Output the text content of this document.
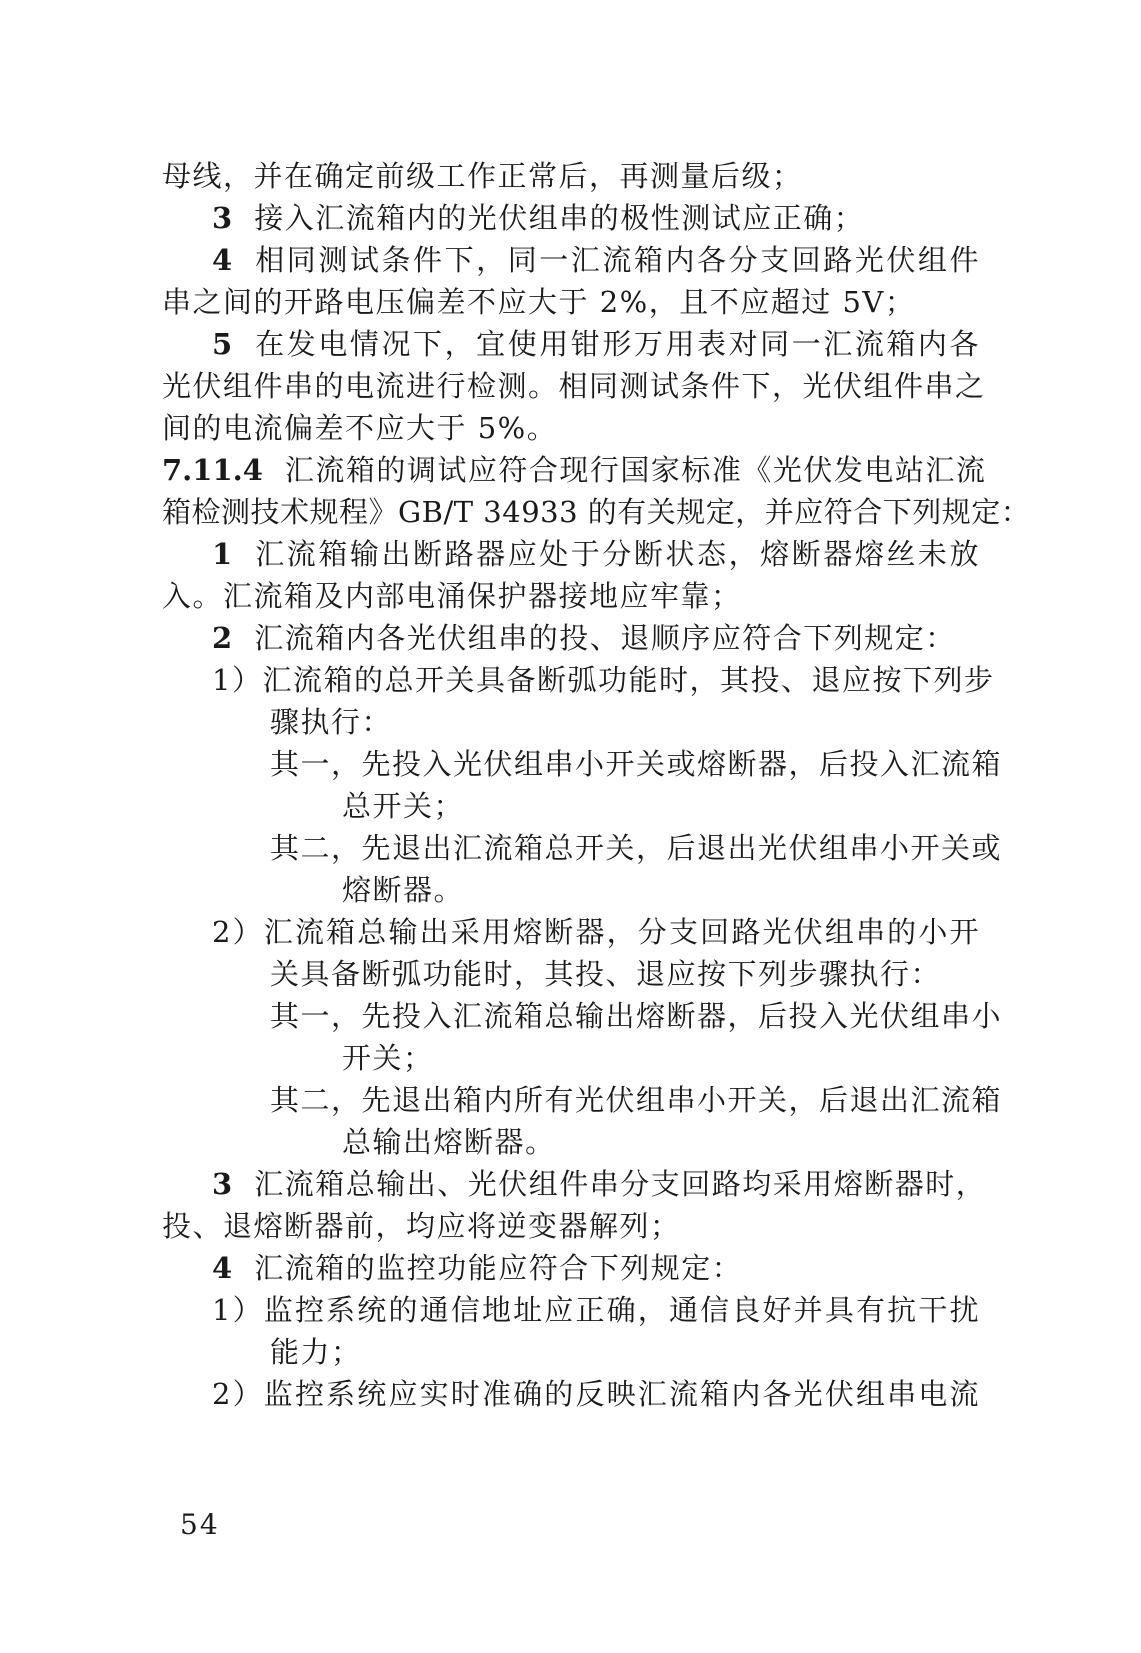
母线，并在确定前级工作正常后，再测量后级；
3 接入汇流箱内的光伏组串的极性测试应正确；
4 相同测试条件下，同一汇流箱内各分支回路光伏组件
串之间的开路电压偏差不应大于 2%，且不应超过 5V；
5 在发电情况下，宜使用钳形万用表对同一汇流箱内各
光伏组件串的电流进行检测。相同测试条件下，光伏组件串之
间的电流偏差不应大于 5%。
7.11.4 汇流箱的调试应符合现行国家标准《光伏发电站汇流
箱检测技术规程》GB/T 34933 的有关规定，并应符合下列规定：
1 汇流箱输出断路器应处于分断状态，熔断器熔丝未放
入。汇流箱及内部电涌保护器接地应牢靠；
2 汇流箱内各光伏组串的投、退顺序应符合下列规定：
1）汇流箱的总开关具备断弧功能时，其投、退应按下列步
骤执行：
其一，先投入光伏组串小开关或熔断器，后投入汇流箱
总开关；
其二，先退出汇流箱总开关，后退出光伏组串小开关或
熔断器。
2）汇流箱总输出采用熔断器，分支回路光伏组串的小开
关具备断弧功能时，其投、退应按下列步骤执行：
其一，先投入汇流箱总输出熔断器，后投入光伏组串小
开关；
其二，先退出箱内所有光伏组串小开关，后退出汇流箱
总输出熔断器。
3 汇流箱总输出、光伏组件串分支回路均采用熔断器时，
投、退熔断器前，均应将逆变器解列；
4 汇流箱的监控功能应符合下列规定：
1）监控系统的通信地址应正确，通信良好并具有抗干扰
能力；
2）监控系统应实时准确的反映汇流箱内各光伏组串电流
54
